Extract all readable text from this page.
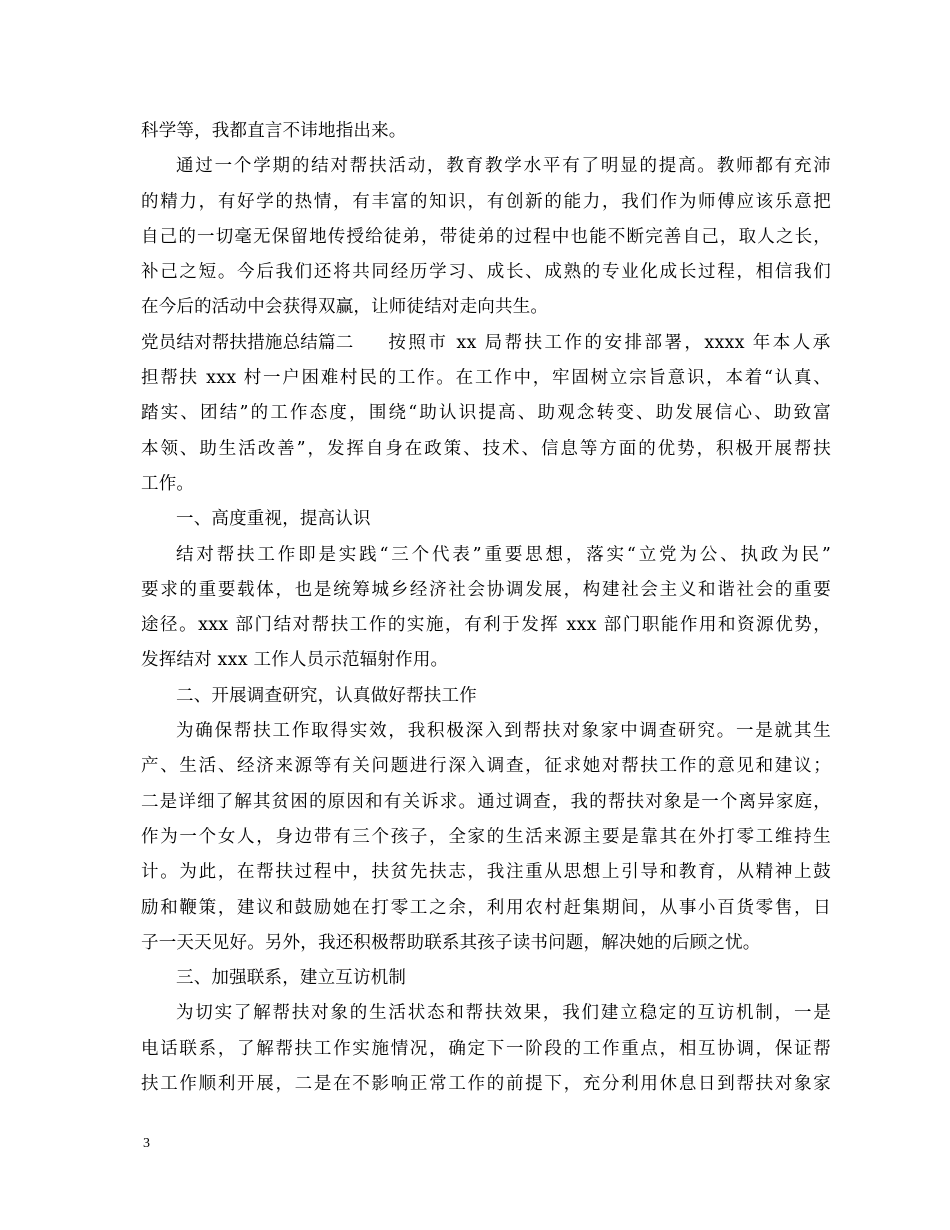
科学等，我都直言不讳地指出来。
通过一个学期的结对帮扶活动，教育教学水平有了明显的提高。教师都有充沛
的精力，有好学的热情，有丰富的知识，有创新的能力，我们作为师傅应该乐意把
自己的一切毫无保留地传授给徒弟，带徒弟的过程中也能不断完善自己，取人之长，
补己之短。今后我们还将共同经历学习、成长、成熟的专业化成长过程，相信我们
在今后的活动中会获得双赢，让师徒结对走向共生。
党员结对帮扶措施总结篇二 按照市 xx 局帮扶工作的安排部署，xxxx 年本人承
担帮扶 xxx 村一户困难村民的工作。在工作中，牢固树立宗旨意识，本着“认真、
踏实、团结”的工作态度，围绕“助认识提高、助观念转变、助发展信心、助致富
本领、助生活改善”，发挥自身在政策、技术、信息等方面的优势，积极开展帮扶
工作。
一、高度重视，提高认识
结对帮扶工作即是实践“三个代表”重要思想，落实“立党为公、执政为民”
要求的重要载体，也是统筹城乡经济社会协调发展，构建社会主义和谐社会的重要
途径。xxx 部门结对帮扶工作的实施，有利于发挥 xxx 部门职能作用和资源优势，
发挥结对 xxx 工作人员示范辐射作用。
二、开展调查研究，认真做好帮扶工作
为确保帮扶工作取得实效，我积极深入到帮扶对象家中调查研究。一是就其生
产、生活、经济来源等有关问题进行深入调查，征求她对帮扶工作的意见和建议；
二是详细了解其贫困的原因和有关诉求。通过调查，我的帮扶对象是一个离异家庭，
作为一个女人，身边带有三个孩子，全家的生活来源主要是靠其在外打零工维持生
计。为此，在帮扶过程中，扶贫先扶志，我注重从思想上引导和教育，从精神上鼓
励和鞭策，建议和鼓励她在打零工之余，利用农村赶集期间，从事小百货零售，日
子一天天见好。另外，我还积极帮助联系其孩子读书问题，解决她的后顾之忧。
三、加强联系，建立互访机制
为切实了解帮扶对象的生活状态和帮扶效果，我们建立稳定的互访机制，一是
电话联系，了解帮扶工作实施情况，确定下一阶段的工作重点，相互协调，保证帮
扶工作顺利开展，二是在不影响正常工作的前提下，充分利用休息日到帮扶对象家
3
